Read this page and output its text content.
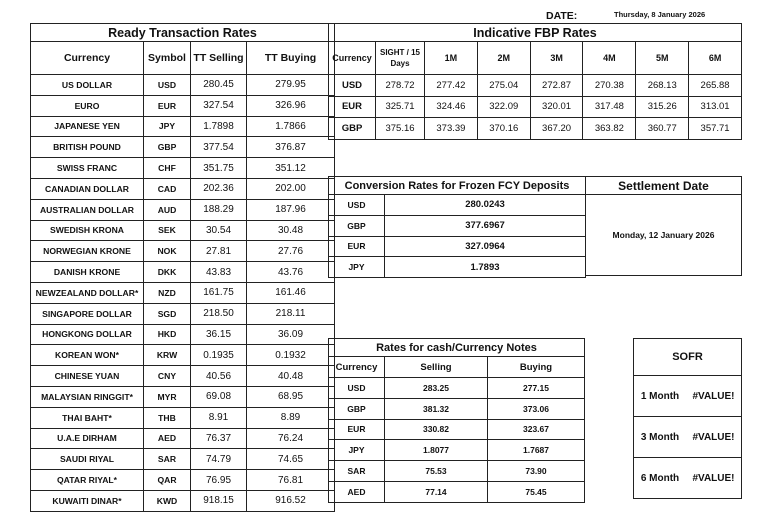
DATE:	Thursday, 8 January 2026
Ready Transaction Rates			
Currency	Symbol	TT Selling	TT Buying
US DOLLAR	USD	280.45	279.95
EURO	EUR	327.54	326.96
JAPANESE YEN	JPY	1.7898	1.7866
BRITISH POUND	GBP	377.54	376.87
SWISS FRANC	CHF	351.75	351.12
CANADIAN DOLLAR	CAD	202.36	202.00
AUSTRALIAN DOLLAR	AUD	188.29	187.96
SWEDISH KRONA	SEK	30.54	30.48
NORWEGIAN KRONE	NOK	27.81	27.76
DANISH KRONE	DKK	43.83	43.76
NEWZEALAND DOLLAR*	NZD	161.75	161.46
SINGAPORE DOLLAR	SGD	218.50	218.11
HONGKONG DOLLAR	HKD	36.15	36.09
KOREAN WON*	KRW	0.1935	0.1932
CHINESE YUAN	CNY	40.56	40.48
MALAYSIAN RINGGIT*	MYR	69.08	68.95
THAI BAHT*	THB	8.91	8.89
U.A.E DIRHAM	AED	76.37	76.24
SAUDI RIYAL	SAR	74.79	74.65
QATAR RIYAL*	QAR	76.95	76.81
KUWAITI DINAR*	KWD	918.15	916.52
Indicative FBP Rates							
Currency	SIGHT / 15 Days	1M	2M	3M	4M	5M	6M
USD	278.72	277.42	275.04	272.87	270.38	268.13	265.88
EUR	325.71	324.46	322.09	320.01	317.48	315.26	313.01
GBP	375.16	373.39	370.16	367.20	363.82	360.77	357.71
Conversion Rates for Frozen FCY Deposits	
USD	280.0243
GBP	377.6967
EUR	327.0964
JPY	1.7893
Settlement Date
Monday, 12 January 2026
Rates for cash/Currency Notes		
Currency	Selling	Buying
USD	283.25	277.15
GBP	381.32	373.06
EUR	330.82	323.67
JPY	1.8077	1.7687
SAR	75.53	73.90
AED	77.14	75.45
SOFR	
1 Month	#VALUE!
3 Month	#VALUE!
6 Month	#VALUE!
